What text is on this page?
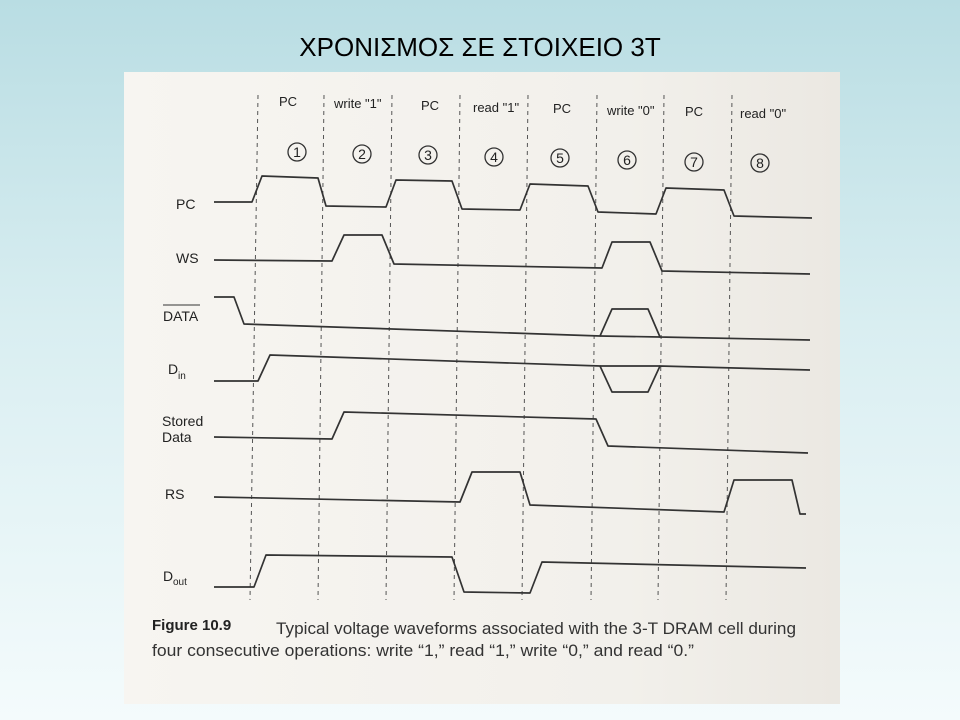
ΧΡΟΝΙΣΜΟΣ ΣΕ ΣΤΟΙΧΕΙΟ 3Τ
PC	write "1"	PC	read "1"	PC	write "0" PC	read "0"
1	2	3	4	5	6	7	8
PC
WS
DATA
D in
Stored
Data
RS
D out
Figure 10.9	Typical voltage waveforms associated with the 3-T DRAM cell during
four consecutive operations: write “1,” read “1,” write “0,” and read “0.”
